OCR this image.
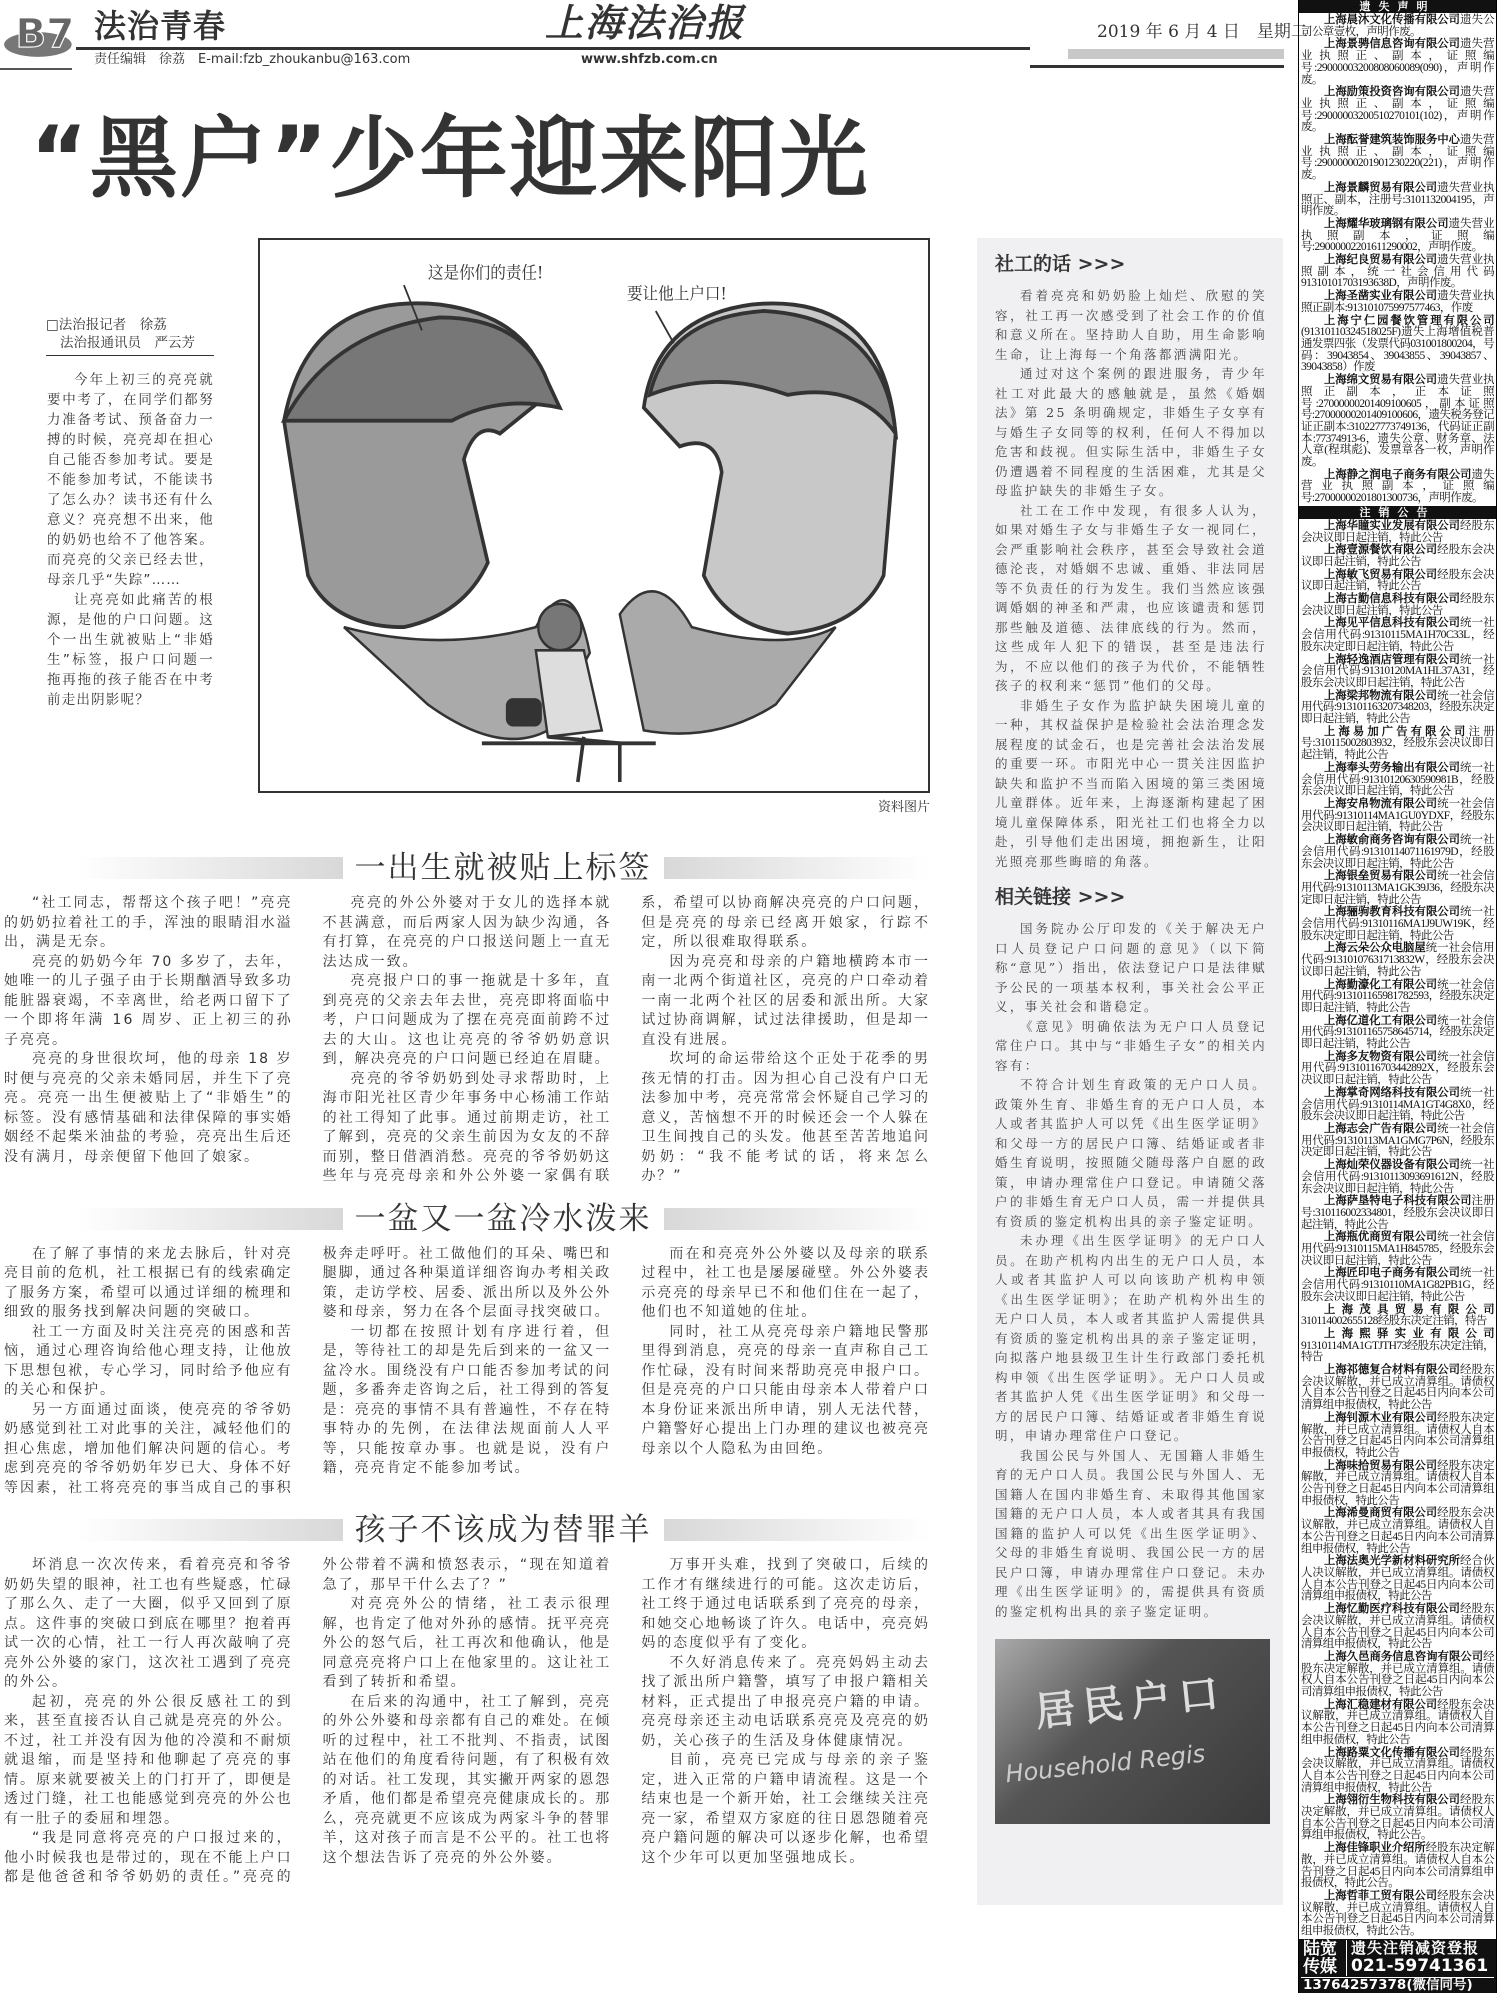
B7 法治青春	上海法治报	2019 年 6 月 4 日　星期二
责任编辑　徐荔　E-mail:fzb_zhoukanbu@163.com	www.shfzb.com.cn
“黑户”少年迎来阳光
□法治报记者　徐荔
法治报通讯员　严云芳

今年上初三的亮亮就要中考了，在同学们都努力准备考试、预备奋力一搏的时候，亮亮却在担心自己能否参加考试。要是不能参加考试，不能读书了怎么办？读书还有什么意义？亮亮想不出来，他的奶奶也给不了他答案。而亮亮的父亲已经去世，母亲几乎“失踪”……

让亮亮如此痛苦的根源，是他的户口问题。这个一出生就被贴上“非婚生”标签，报户口问题一拖再拖的孩子能否在中考前走出阴影呢？

这是你们的责任!
要让他上户口!
资料图片
一出生就被贴上标签

“社工同志，帮帮这个孩子吧！”亮亮的奶奶拉着社工的手，浑浊的眼睛泪水溢出，满是无奈。

亮亮的奶奶今年 70 多岁了，去年，她唯一的儿子强子由于长期酗酒导致多功能脏器衰竭，不幸离世，给老两口留下了一个即将年满 16 周岁、正上初三的孙子亮亮。

亮亮的身世很坎坷，他的母亲 18 岁时便与亮亮的父亲未婚同居，并生下了亮亮。亮亮一出生便被贴上了“非婚生”的标签。没有感情基础和法律保障的事实婚姻经不起柴米油盐的考验，亮亮出生后还没有满月，母亲便留下他回了娘家。

亮亮的外公外婆对于女儿的选择本就不甚满意，而后两家人因为缺少沟通，各有打算，在亮亮的户口报送问题上一直无法达成一致。

亮亮报户口的事一拖就是十多年，直到亮亮的父亲去年去世，亮亮即将面临中考，户口问题成为了摆在亮亮面前跨不过去的大山。这也让亮亮的爷爷奶奶意识到，解决亮亮的户口问题已经迫在眉睫。

亮亮的爷爷奶奶到处寻求帮助时，上海市阳光社区青少年事务中心杨浦工作站的社工得知了此事。通过前期走访，社工了解到，亮亮的父亲生前因为女友的不辞而别，整日借酒消愁。亮亮的爷爷奶奶这些年与亮亮母亲和外公外婆一家偶有联系，希望可以协商解决亮亮的户口问题，但是亮亮的母亲已经离开娘家，行踪不定，所以很难取得联系。

因为亮亮和母亲的户籍地横跨本市一南一北两个街道社区，亮亮的户口牵动着一南一北两个社区的居委和派出所。大家试过协商调解，试过法律援助，但是却一直没有进展。

坎坷的命运带给这个正处于花季的男孩无情的打击。因为担心自己没有户口无法参加中考，亮亮常常会怀疑自己学习的意义，苦恼想不开的时候还会一个人躲在卫生间拽自己的头发。他甚至苦苦地追问奶奶：“我不能考试的话，将来怎么办？”

一盆又一盆冷水泼来

在了解了事情的来龙去脉后，针对亮亮目前的危机，社工根据已有的线索确定了服务方案，希望可以通过详细的梳理和细致的服务找到解决问题的突破口。

社工一方面及时关注亮亮的困惑和苦恼，通过心理咨询给他心理支持，让他放下思想包袱，专心学习，同时给予他应有的关心和保护。

另一方面通过面谈，使亮亮的爷爷奶奶感觉到社工对此事的关注，减轻他们的担心焦虑，增加他们解决问题的信心。考虑到亮亮的爷爷奶奶年岁已大、身体不好等因素，社工将亮亮的事当成自己的事积极奔走呼吁。社工做他们的耳朵、嘴巴和腿脚，通过各种渠道详细咨询办考相关政策，走访学校、居委、派出所以及外公外婆和母亲，努力在各个层面寻找突破口。

一切都在按照计划有序进行着，但是，等待社工的却是先后到来的一盆又一盆冷水。围绕没有户口能否参加考试的问题，多番奔走咨询之后，社工得到的答复是：亮亮的事情不具有普遍性，不存在特事特办的先例，在法律法规面前人人平等，只能按章办事。也就是说，没有户籍，亮亮肯定不能参加考试。

而在和亮亮外公外婆以及母亲的联系过程中，社工也是屡屡碰壁。外公外婆表示亮亮的母亲早已不和他们住在一起了，他们也不知道她的住址。

同时，社工从亮亮母亲户籍地民警那里得到消息，亮亮的母亲一直声称自己工作忙碌，没有时间来帮助亮亮申报户口。但是亮亮的户口只能由母亲本人带着户口本身份证来派出所申请，别人无法代替，户籍警好心提出上门办理的建议也被亮亮母亲以个人隐私为由回绝。

孩子不该成为替罪羊

坏消息一次次传来，看着亮亮和爷爷奶奶失望的眼神，社工也有些疑惑，忙碌了那么久、走了一大圈，似乎又回到了原点。这件事的突破口到底在哪里？抱着再试一次的心情，社工一行人再次敲响了亮亮外公外婆的家门，这次社工遇到了亮亮的外公。

起初，亮亮的外公很反感社工的到来，甚至直接否认自己就是亮亮的外公。不过，社工并没有因为他的冷漠和不耐烦就退缩，而是坚持和他聊起了亮亮的事情。原来就要被关上的门打开了，即便是透过门缝，社工也能感觉到亮亮的外公也有一肚子的委屈和埋怨。

“我是同意将亮亮的户口报过来的，他小时候我也是带过的，现在不能上户口都是他爸爸和爷爷奶奶的责任。”亮亮的外公带着不满和愤怒表示，“现在知道着急了，那早干什么去了？”

对亮亮外公的情绪，社工表示很理解，也肯定了他对外孙的感情。抚平亮亮外公的怒气后，社工再次和他确认，他是同意亮亮将户口上在他家里的。这让社工看到了转折和希望。

在后来的沟通中，社工了解到，亮亮的外公外婆和母亲都有自己的难处。在倾听的过程中，社工不批判、不指责，试图站在他们的角度看待问题，有了积极有效的对话。社工发现，其实撇开两家的恩怨矛盾，他们都是希望亮亮健康成长的。那么，亮亮就更不应该成为两家斗争的替罪羊，这对孩子而言是不公平的。社工也将这个想法告诉了亮亮的外公外婆。

万事开头难，找到了突破口，后续的工作才有继续进行的可能。这次走访后，社工终于通过电话联系到了亮亮的母亲，和她交心地畅谈了许久。电话中，亮亮妈妈的态度似乎有了变化。

不久好消息传来了。亮亮妈妈主动去找了派出所户籍警，填写了申报户籍相关材料，正式提出了申报亮亮户籍的申请。亮亮母亲还主动电话联系亮亮及亮亮的奶奶，关心孩子的生活及身体健康情况。

目前，亮亮已完成与母亲的亲子鉴定，进入正常的户籍申请流程。这是一个结束也是一个新开始，社工会继续关注亮亮一家，希望双方家庭的往日恩怨随着亮亮户籍问题的解决可以逐步化解，也希望这个少年可以更加坚强地成长。

社工的话 >>>

看着亮亮和奶奶脸上灿烂、欣慰的笑容，社工再一次感受到了社会工作的价值和意义所在。坚持助人自助，用生命影响生命，让上海每一个角落都洒满阳光。

通过对这个案例的跟进服务，青少年社工对此最大的感触就是，虽然《婚姻法》第 25 条明确规定，非婚生子女享有与婚生子女同等的权利，任何人不得加以危害和歧视。但实际生活中，非婚生子女仍遭遇着不同程度的生活困难，尤其是父母监护缺失的非婚生子女。

社工在工作中发现，有很多人认为，如果对婚生子女与非婚生子女一视同仁，会严重影响社会秩序，甚至会导致社会道德沦丧，对婚姻不忠诚、重婚、非法同居等不负责任的行为发生。我们当然应该强调婚姻的神圣和严肃，也应该谴责和惩罚那些触及道德、法律底线的行为。然而，这些成年人犯下的错误，甚至是违法行为，不应以他们的孩子为代价，不能牺牲孩子的权利来“惩罚”他们的父母。

非婚生子女作为监护缺失困境儿童的一种，其权益保护是检验社会法治理念发展程度的试金石，也是完善社会法治发展的重要一环。市阳光中心一贯关注因监护缺失和监护不当而陷入困境的第三类困境儿童群体。近年来，上海逐渐构建起了困境儿童保障体系，阳光社工们也将全力以赴，引导他们走出困境，拥抱新生，让阳光照亮那些晦暗的角落。

相关链接 >>>

国务院办公厅印发的《关于解决无户口人员登记户口问题的意见》（以下简称“意见”）指出，依法登记户口是法律赋予公民的一项基本权利，事关社会公平正义，事关社会和谐稳定。

《意见》明确依法为无户口人员登记常住户口。其中与“非婚生子女”的相关内容有：

不符合计划生育政策的无户口人员。政策外生育、非婚生育的无户口人员，本人或者其监护人可以凭《出生医学证明》和父母一方的居民户口簿、结婚证或者非婚生育说明，按照随父随母落户自愿的政策，申请办理常住户口登记。申请随父落户的非婚生育无户口人员，需一并提供具有资质的鉴定机构出具的亲子鉴定证明。

未办理《出生医学证明》的无户口人员。在助产机构内出生的无户口人员，本人或者其监护人可以向该助产机构申领《出生医学证明》；在助产机构外出生的无户口人员，本人或者其监护人需提供具有资质的鉴定机构出具的亲子鉴定证明，向拟落户地县级卫生计生行政部门委托机构申领《出生医学证明》。无户口人员或者其监护人凭《出生医学证明》和父母一方的居民户口簿、结婚证或者非婚生育说明，申请办理常住户口登记。

我国公民与外国人、无国籍人非婚生育的无户口人员。我国公民与外国人、无国籍人在国内非婚生育、未取得其他国家国籍的无户口人员，本人或者其具有我国国籍的监护人可以凭《出生医学证明》、父母的非婚生育说明、我国公民一方的居民户口簿，申请办理常住户口登记。未办理《出生医学证明》的，需提供具有资质的鉴定机构出具的亲子鉴定证明。

居民户口
Household Regis
遗失声明

上海晨沐文化传播有限公司遗失公司公章壹枚，声明作废。

上海景骋信息咨询有限公司遗失营业执照正、副本，证照编号:29000003200808060089(090)，声明作废。

上海励策投资咨询有限公司遗失营业执照正、副本，证照编号:29000003200510270101(102)，声明作废。

上海酝誉建筑装饰服务中心遗失营业执照正、副本，证照编号:29000000201901230220(221)，声明作废。

上海景麟贸易有限公司遗失营业执照正、副本，注册号:3101132004195，声明作废。

上海耀华玻璃钢有限公司遗失营业执照副本，证照编号:29000002201611290002，声明作废。

上海纪良贸易有限公司遗失营业执照副本，统一社会信用代码91310101703193638D，声明作废。

上海圣凿实业有限公司遗失营业执照正副本:913101075997577463，作废

上海宁仁园餐饮管理有限公司(91310110324518025F)遗失上海增值税普通发票四张（发票代码031001800204，号码：39043854、39043855、39043857、39043858）作废

上海绵文贸易有限公司遗失营业执照正副本，正本证照号:27000000201409100605，副本证照号:27000000201409100606，遗失税务登记证正副本:310227773749136，代码证正副本:77374913-6，遗失公章、财务章、法人章(程琪彪)、发票章各一枚，声明作废。

上海静之润电子商务有限公司遗失营业执照副本，证照编号:27000000201801300736，声明作废。

注销公告

上海华瞳实业发展有限公司经股东会决议即日起注销，特此公告

上海壹源餐饮有限公司经股东会决议即日起注销，特此公告

上海敏飞贸易有限公司经股东会决议即日起注销，特此公告

上海古勤信息科技有限公司经股东会决议即日起注销，特此公告

上海见平信息科技有限公司统一社会信用代码:91310115MA1H70C33L，经股东决定即日起注销，特此公告

上海轻逸酒店管理有限公司统一社会信用代码:91310120MA1HL37A31，经股东会决议即日起注销，特此公告

上海梁邦物流有限公司统一社会信用代码:913101163207348203，经股东决定即日起注销，特此公告

上海易加广告有限公司注册号:310115002803932，经股东会决议即日起注销，特此公告

上海奉头劳务输出有限公司统一社会信用代码:91310120630590981B，经股东会决议即日起注销，特此公告

上海安帛物流有限公司统一社会信用代码:91310114MA1GU0YDXF，经股东会决议即日起注销，特此公告

上海敏俞商务咨询有限公司统一社会信用代码:91310114071161979D，经股东会决议即日起注销，特此公告

上海银垒贸易有限公司统一社会信用代码:91310113MA1GK39J36，经股东决定即日起注销，特此公告

上海骊驹教育科技有限公司统一社会信用代码:91310116MA1J9UW19K，经股东决定即日起注销，特此公告

上海云朵公众电脑屋统一社会信用代码:91310107631713832W，经股东会决议即日起注销，特此公告

上海勤濠化工有限公司统一社会信用代码:913101165981782593，经股东决定即日起注销，特此公告

上海亿道化工有限公司统一社会信用代码:913101165758645714，经股东决定即日起注销，特此公告

上海多友物资有限公司统一社会信用代码:91310116703442892X，经股东会决议即日起注销，特此公告

上海掌奇网络科技有限公司统一社会信用代码:91310114MA1GT4G8X0，经股东会决议即日起注销，特此公告

上海志会广告有限公司统一社会信用代码:91310113MA1GMG7P6N，经股东决定即日起注销，特此公告

上海灿荣仪器设备有限公司统一社会信用代码:91310113093691612N，经股东会决议即日起注销，特此公告

上海萨垦特电子科技有限公司注册号:310116002334801，经股东会决议即日起注销，特此公告

上海瓶优商贸有限公司统一社会信用代码:91310115MA1H845785，经股东会决议即日起注销，特此公告

上海匠印电子商务有限公司统一社会信用代码:91310110MA1G82PB1G，经股东会决议即日起注销，特此公告

上海茂具贸易有限公司310114002655128经股东决定注销，特告

上海熙驿实业有限公司91310114MA1GTJTH73经股东决定注销，特告

上海祁德复合材料有限公司经股东会决议解散，并已成立清算组。请债权人自本公告刊登之日起45日内向本公司清算组申报债权，特此公告

上海钊源木业有限公司经股东决定解散，并已成立清算组。请债权人自本公告刊登之日起45日内向本公司清算组申报债权，特此公告

上海味拾贸易有限公司经股东决定解散，并已成立清算组。请债权人自本公告刊登之日起45日内向本公司清算组申报债权，特此公告

上海浠曼商贸有限公司经股东会决议解散，并已成立清算组。请债权人自本公告刊登之日起45日内向本公司清算组申报债权，特此公告

上海法奥光学新材料研究所经合伙人决议解散，并已成立清算组。请债权人自本公告刊登之日起45日内向本公司清算组申报债权，特此公告

上海忆勤医疗科技有限公司经股东会决议解散，并已成立清算组。请债权人自本公告刊登之日起45日内向本公司清算组申报债权，特此公告

上海久邑商务信息咨询有限公司经股东决定解散，并已成立清算组。请债权人自本公告刊登之日起45日内向本公司清算组申报债权，特此公告

上海汇稳建材有限公司经股东会决议解散，并已成立清算组。请债权人自本公告刊登之日起45日内向本公司清算组申报债权，特此公告

上海路粟文化传播有限公司经股东会决议解散，并已成立清算组。请债权人自本公告刊登之日起45日内向本公司清算组申报债权，特此公告

上海翎衍生物科技有限公司经股东决定解散，并已成立清算组。请债权人自本公告刊登之日起45日内向本公司清算组申报债权，特此公告。

上海佳锋职业介绍所经股东决定解散，并已成立清算组。请债权人自本公告刊登之日起45日内向本公司清算组申报债权，特此公告。

上海哲菲工贸有限公司经股东会决议解散，并已成立清算组。请债权人自本公告刊登之日起45日内向本公司清算组申报债权，特此公告。

陆宽传媒
遗失注销减资登报
021-59741361
13764257378(微信同号)
